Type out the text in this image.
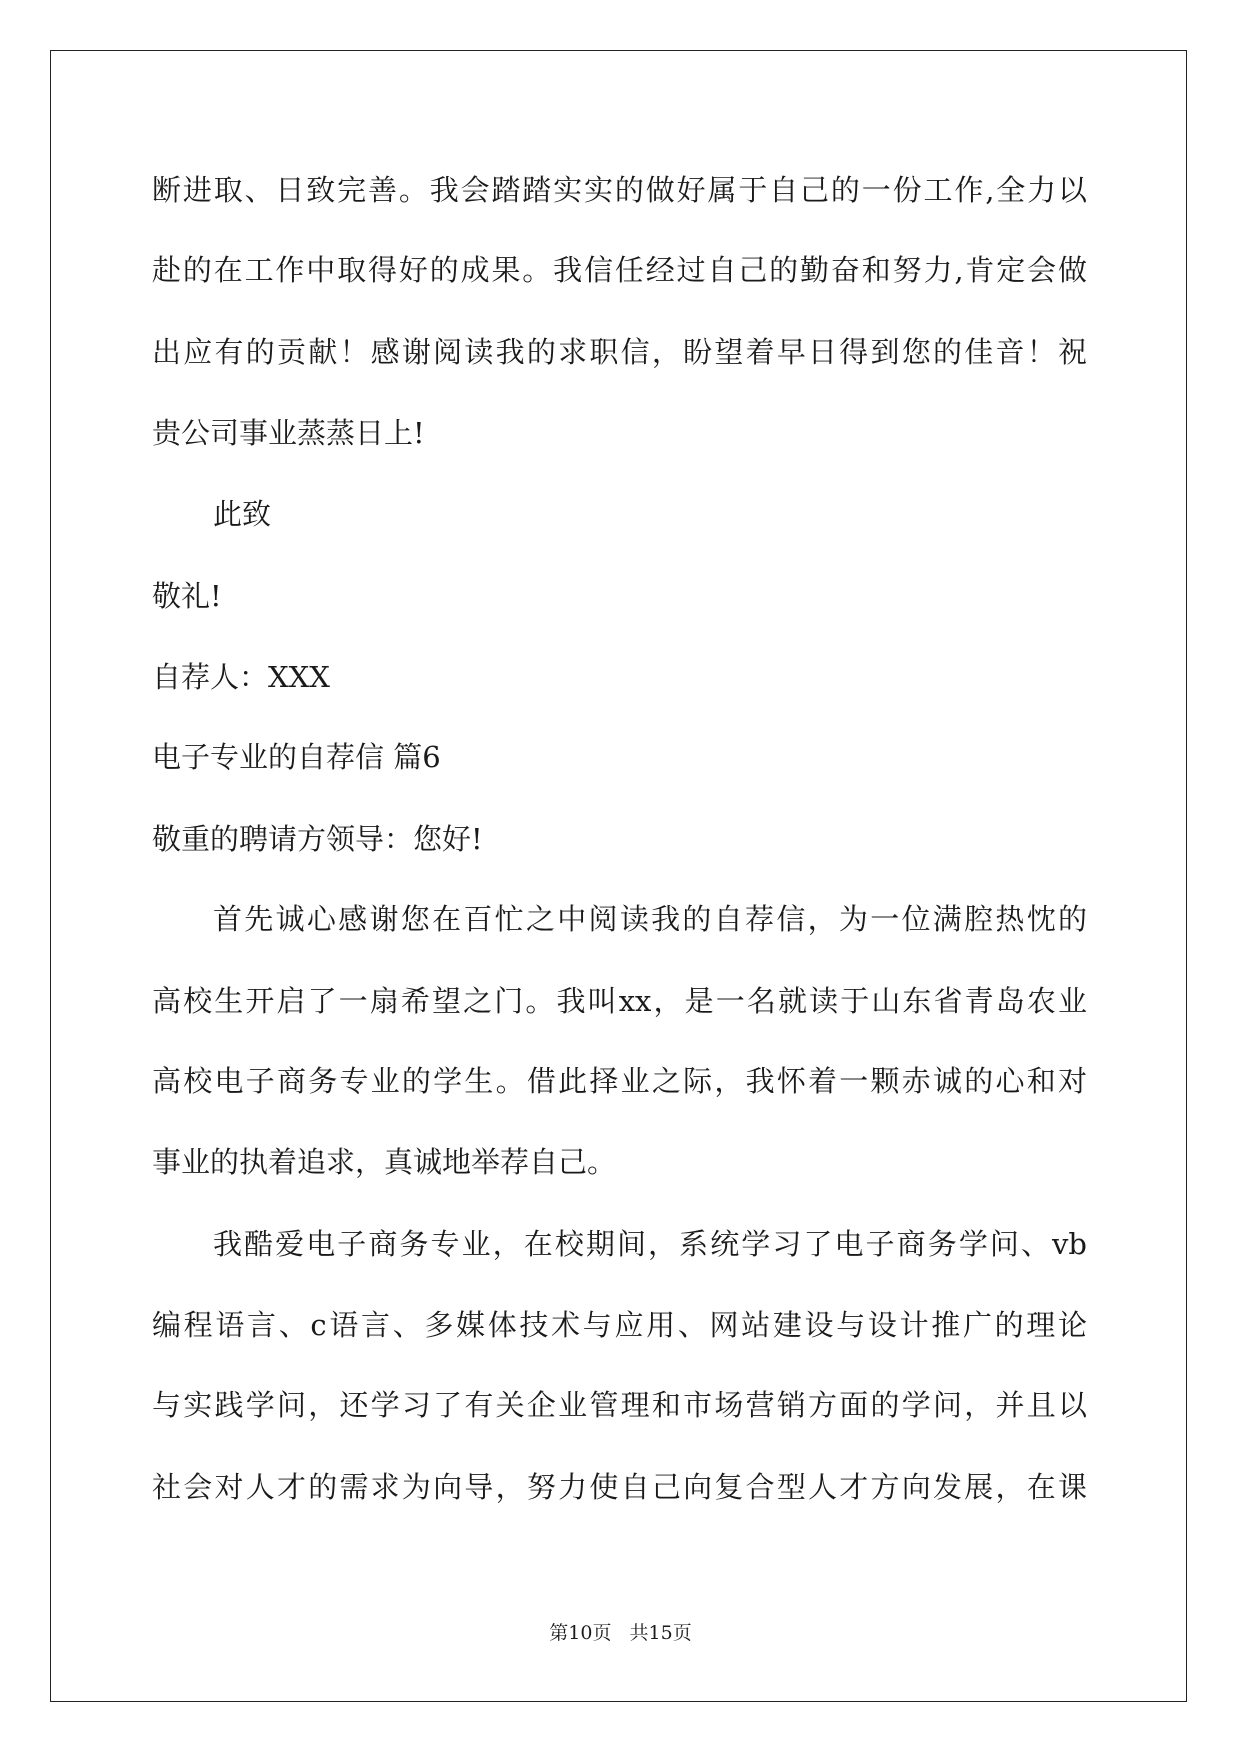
断进取、日致完善。我会踏踏实实的做好属于自己的一份工作,全力以
赴的在工作中取得好的成果。我信任经过自己的勤奋和努力,肯定会做
出应有的贡献！感谢阅读我的求职信，盼望着早日得到您的佳音！祝
贵公司事业蒸蒸日上!
此致
敬礼!
自荐人：XXX
电子专业的自荐信 篇6
敬重的聘请方领导：您好!
首先诚心感谢您在百忙之中阅读我的自荐信，为一位满腔热忱的
高校生开启了一扇希望之门。我叫xx，是一名就读于山东省青岛农业
高校电子商务专业的学生。借此择业之际，我怀着一颗赤诚的心和对
事业的执着追求，真诚地举荐自己。
我酷爱电子商务专业，在校期间，系统学习了电子商务学问、vb
编程语言、c语言、多媒体技术与应用、网站建设与设计推广的理论
与实践学问，还学习了有关企业管理和市场营销方面的学问，并且以
社会对人才的需求为向导，努力使自己向复合型人才方向发展，在课
第10页 共15页
